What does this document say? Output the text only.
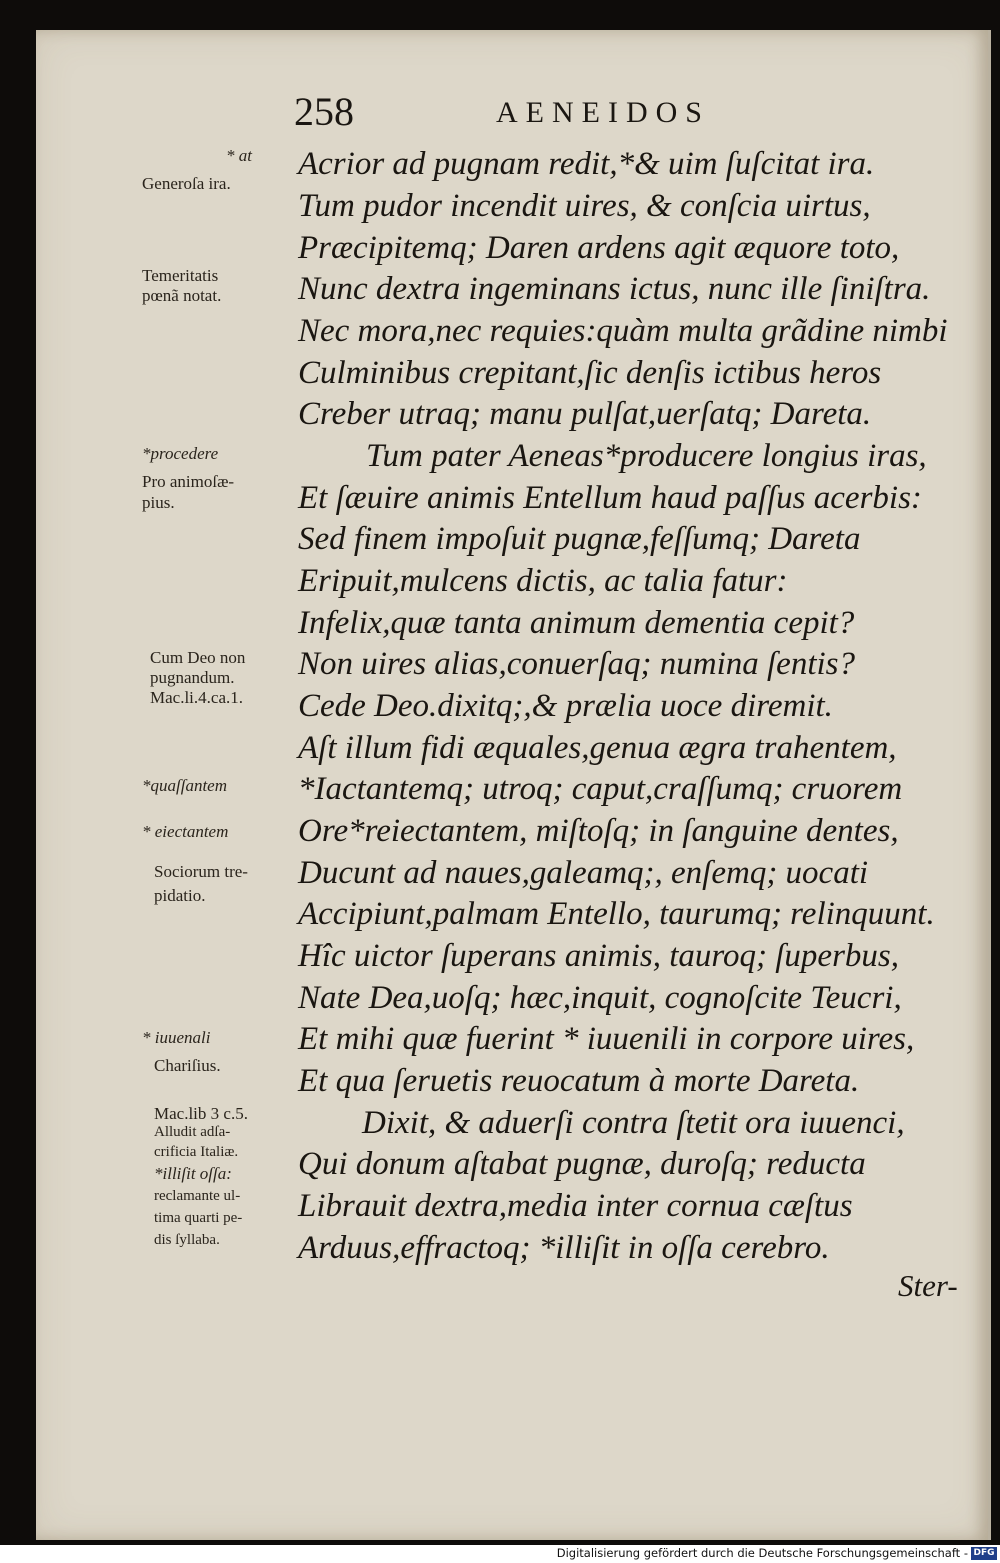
258	AENEIDOS
Acrior ad pugnam redit,*& uim ſuſcitat ira.
Tum pudor incendit uires, & conſcia uirtus,
Præcipitemq; Daren ardens agit æquore toto,
Nunc dextra ingeminans ictus, nunc ille ſiniſtra.
Nec mora,nec requies:quàm multa grãdine nimbi
Culminibus crepitant,ſic denſis ictibus heros
Creber utraq; manu pulſat,uerſatq; Dareta.
Tum pater Aeneas*producere longius iras,
Et ſæuire animis Entellum haud paſſus acerbis:
Sed finem impoſuit pugnæ,feſſumq; Dareta
Eripuit,mulcens dictis, ac talia fatur:
Infelix,quæ tanta animum dementia cepit?
Non uires alias,conuerſaq; numina ſentis?
Cede Deo.dixitq;,& prælia uoce diremit.
Aſt illum fidi æquales,genua ægra trahentem,
*Iactantemq; utroq; caput,craſſumq; cruorem
Ore*reiectantem, miſtoſq; in ſanguine dentes,
Ducunt ad naues,galeamq;, enſemq; uocati
Accipiunt,palmam Entello, taurumq; relinquunt.
Hîc uictor ſuperans animis, tauroq; ſuperbus,
Nate Dea,uoſq; hæc,inquit, cognoſcite Teucri,
Et mihi quæ fuerint * iuuenili in corpore uires,
Et qua ſeruetis reuocatum à morte Dareta.
Dixit, & aduerſi contra ſtetit ora iuuenci,
Qui donum aſtabat pugnæ, duroſq; reducta
Librauit dextra,media inter cornua cæſtus
Arduus,effractoq; *illiſit in oſſa cerebro.
* at
Generoſa ira.
Temeritatis
pœnã notat.
*procedere
Pro animoſæ-
pius.
Cum Deo non
pugnandum.
Mac.li.4.ca.1.
*quaſſantem
* eiectantem
Sociorum tre-
pidatio.
* iuuenali
Chariſius.
Mac.lib 3 c.5.
Alludit adſa-
crificia Italiæ.
*illiſit oſſa:
reclamante ul-
tima quarti pe-
dis ſyllaba.
Ster-
Digitalisierung gefördert durch die Deutsche Forschungsgemeinschaft - DFG
